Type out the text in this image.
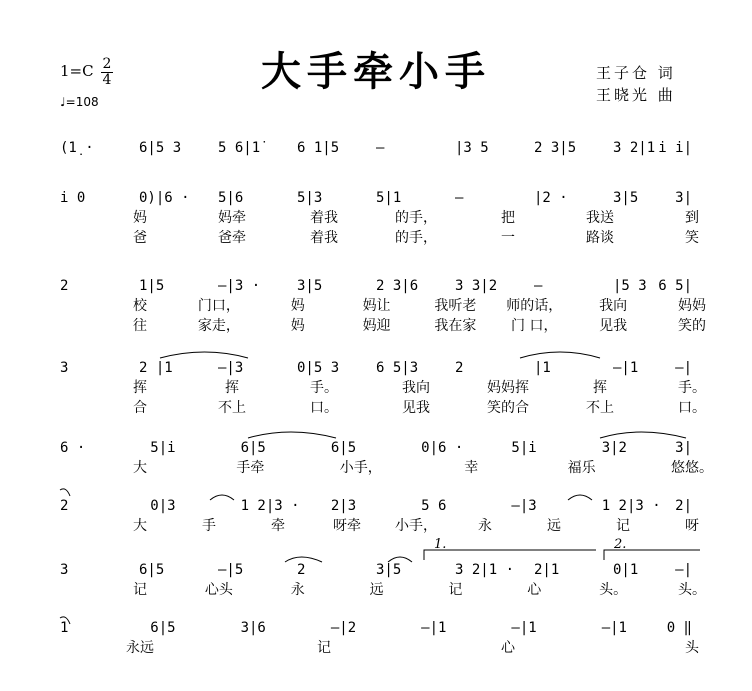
大手牵小手
1=C 2
4
♩=108
王子仓 词
王晓光 曲
(1̣ ·	6|5 3	5 6|1̇	6 1̇|5	—	|3 5	2 3|5	3 2|1 i i|
i 0	0)|6 · 5|6	5|3	5|1	—	|2 ·	3|5	3|
妈	妈牵	着我	的手，	把	我送	到
爸	爸牵	着我	的手，	一	路谈	笑
2	1|5	—|3 ·	3|5	2 3|6	3 3|2	—	|5 3 6 5|
校	门口，	妈	妈让	我听老 师的话，	我向	妈妈
往	家走，	妈	妈迎	我在家 门 口，	见我	笑的
3	2 |1	—|3	0|5 3	6 5|3	2	|1	—|1	—|
挥	挥	手。	我向	妈妈挥	挥	手。
合	不上	口。	见我	笑的合	不上	口。
6 ·	5|i	6|5	6|5	0|6 ·	5|i	3|2	3|
大	手牵	小手，	幸	福乐	悠悠。
2	0|3	1 2|3 · 2|3	5 6	—|3	1 2|3 · 2|
大	手	牵	呀牵 小手，	永	远	记	呀
3	6|5	—|5	2	3|5	3 2|1 · 2|1	0|1	—|
记	心头	永	远	记	心	头。	头。
1	6|5	3|6	—|2	—|1	—|1	—|1	0 ‖
永远	记	心	头
1.	2.
